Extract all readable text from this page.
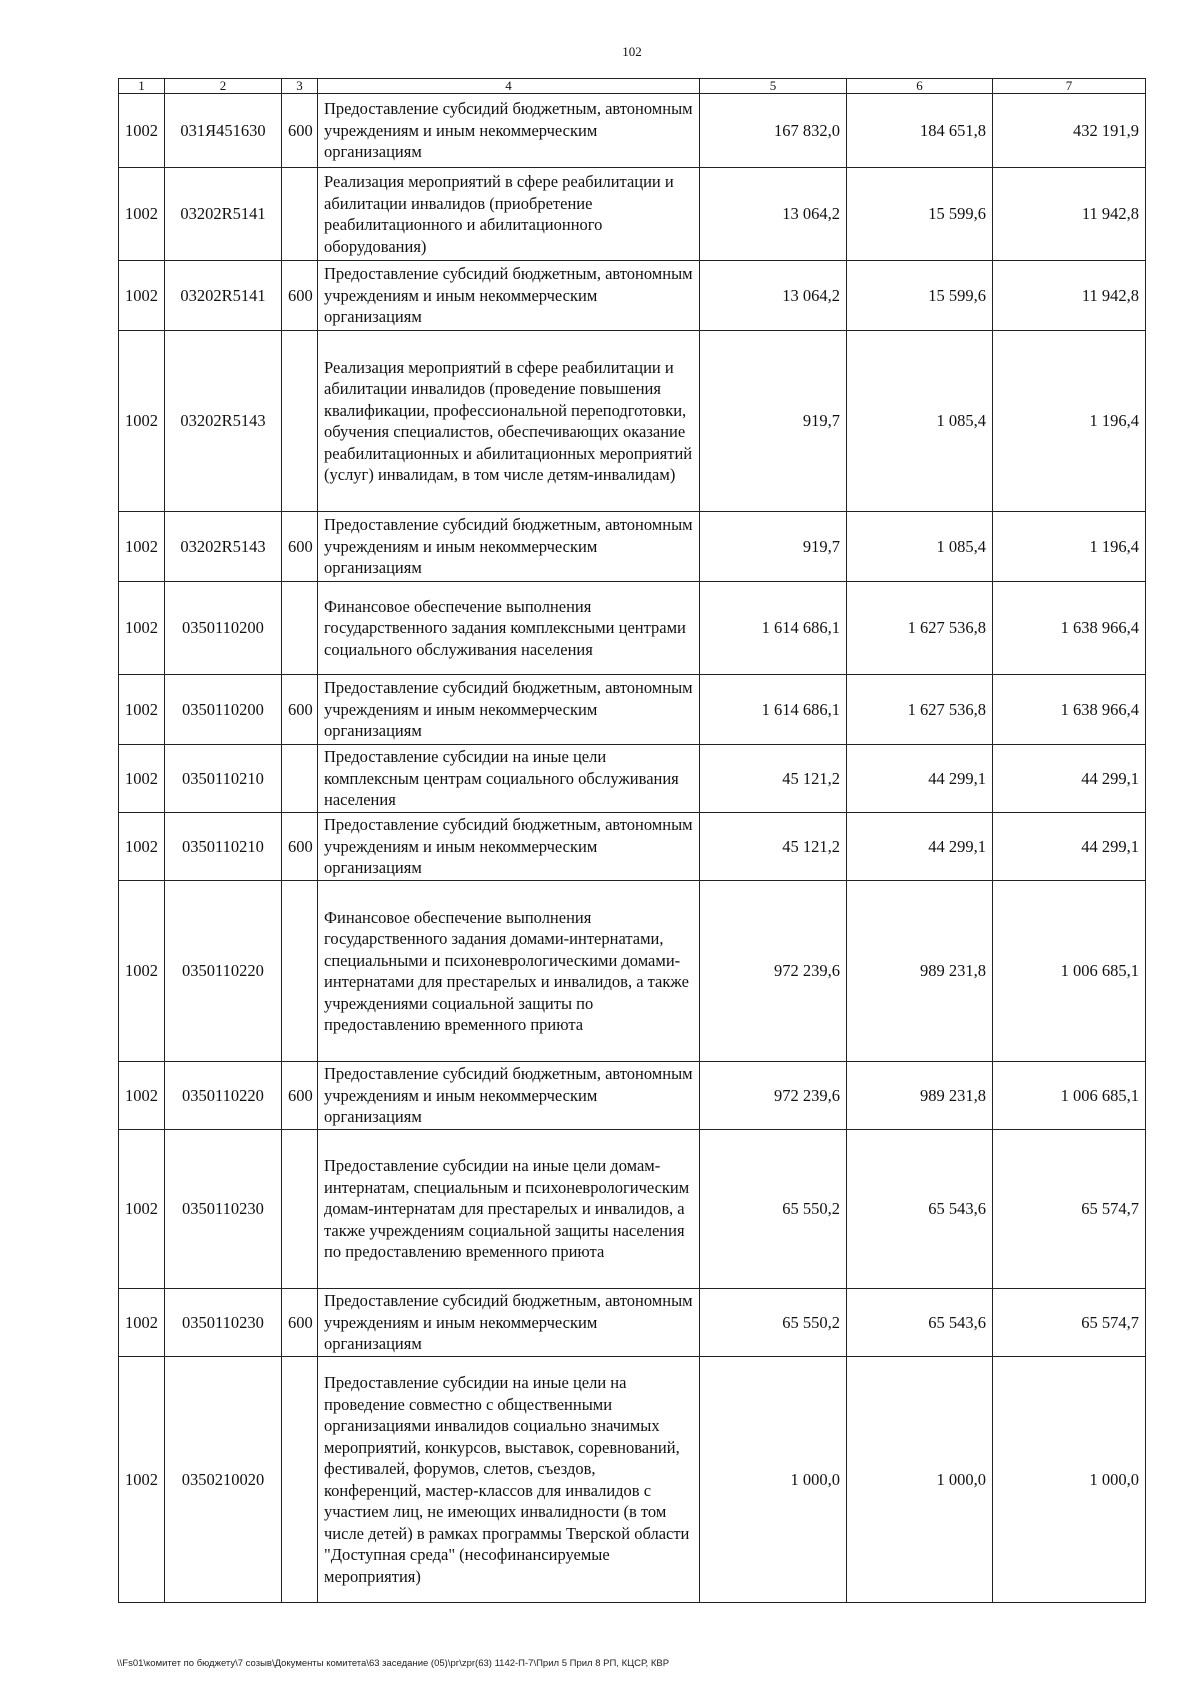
102
1	2	3	4	5	6	7
1002	031Я451630	600	Предоставление субсидий бюджетным, автономным учреждениям и иным некоммерческим организациям	167 832,0	184 651,8	432 191,9
1002	03202R5141		Реализация мероприятий в сфере реабилитации и абилитации инвалидов (приобретение реабилитационного и абилитационного оборудования)	13 064,2	15 599,6	11 942,8
1002	03202R5141	600	Предоставление субсидий бюджетным, автономным учреждениям и иным некоммерческим организациям	13 064,2	15 599,6	11 942,8
1002	03202R5143		Реализация мероприятий в сфере реабилитации и абилитации инвалидов (проведение повышения квалификации, профессиональной переподготовки, обучения специалистов, обеспечивающих оказание реабилитационных и абилитационных мероприятий (услуг) инвалидам, в том числе детям-инвалидам)	919,7	1 085,4	1 196,4
1002	03202R5143	600	Предоставление субсидий бюджетным, автономным учреждениям и иным некоммерческим организациям	919,7	1 085,4	1 196,4
1002	0350110200		Финансовое обеспечение выполнения государственного задания комплексными центрами социального обслуживания населения	1 614 686,1	1 627 536,8	1 638 966,4
1002	0350110200	600	Предоставление субсидий бюджетным, автономным учреждениям и иным некоммерческим организациям	1 614 686,1	1 627 536,8	1 638 966,4
1002	0350110210		Предоставление субсидии на иные цели комплексным центрам социального обслуживания населения	45 121,2	44 299,1	44 299,1
1002	0350110210	600	Предоставление субсидий бюджетным, автономным учреждениям и иным некоммерческим организациям	45 121,2	44 299,1	44 299,1
1002	0350110220		Финансовое обеспечение выполнения государственного задания домами-интернатами, специальными и психоневрологическими домами-интернатами для престарелых и инвалидов, а также учреждениями социальной защиты по предоставлению временного приюта	972 239,6	989 231,8	1 006 685,1
1002	0350110220	600	Предоставление субсидий бюджетным, автономным учреждениям и иным некоммерческим организациям	972 239,6	989 231,8	1 006 685,1
1002	0350110230		Предоставление субсидии на иные цели домам-интернатам, специальным и психоневрологическим домам-интернатам для престарелых и инвалидов, а также учреждениям социальной защиты населения по предоставлению временного приюта	65 550,2	65 543,6	65 574,7
1002	0350110230	600	Предоставление субсидий бюджетным, автономным учреждениям и иным некоммерческим организациям	65 550,2	65 543,6	65 574,7
1002	0350210020		Предоставление субсидии на иные цели на проведение совместно с общественными организациями инвалидов социально значимых мероприятий, конкурсов, выставок, соревнований, фестивалей, форумов, слетов, съездов, конференций, мастер-классов для инвалидов с участием лиц, не имеющих инвалидности (в том числе детей) в рамках программы Тверской области "Доступная среда" (несофинансируемые мероприятия)	1 000,0	1 000,0	1 000,0
\\Fs01\комитет по бюджету\7 созыв\Документы комитета\63 заседание (05)\рг\zpr(63) 1142-П-7\Прил 5 Прил 8 РП, КЦСР, КВР
